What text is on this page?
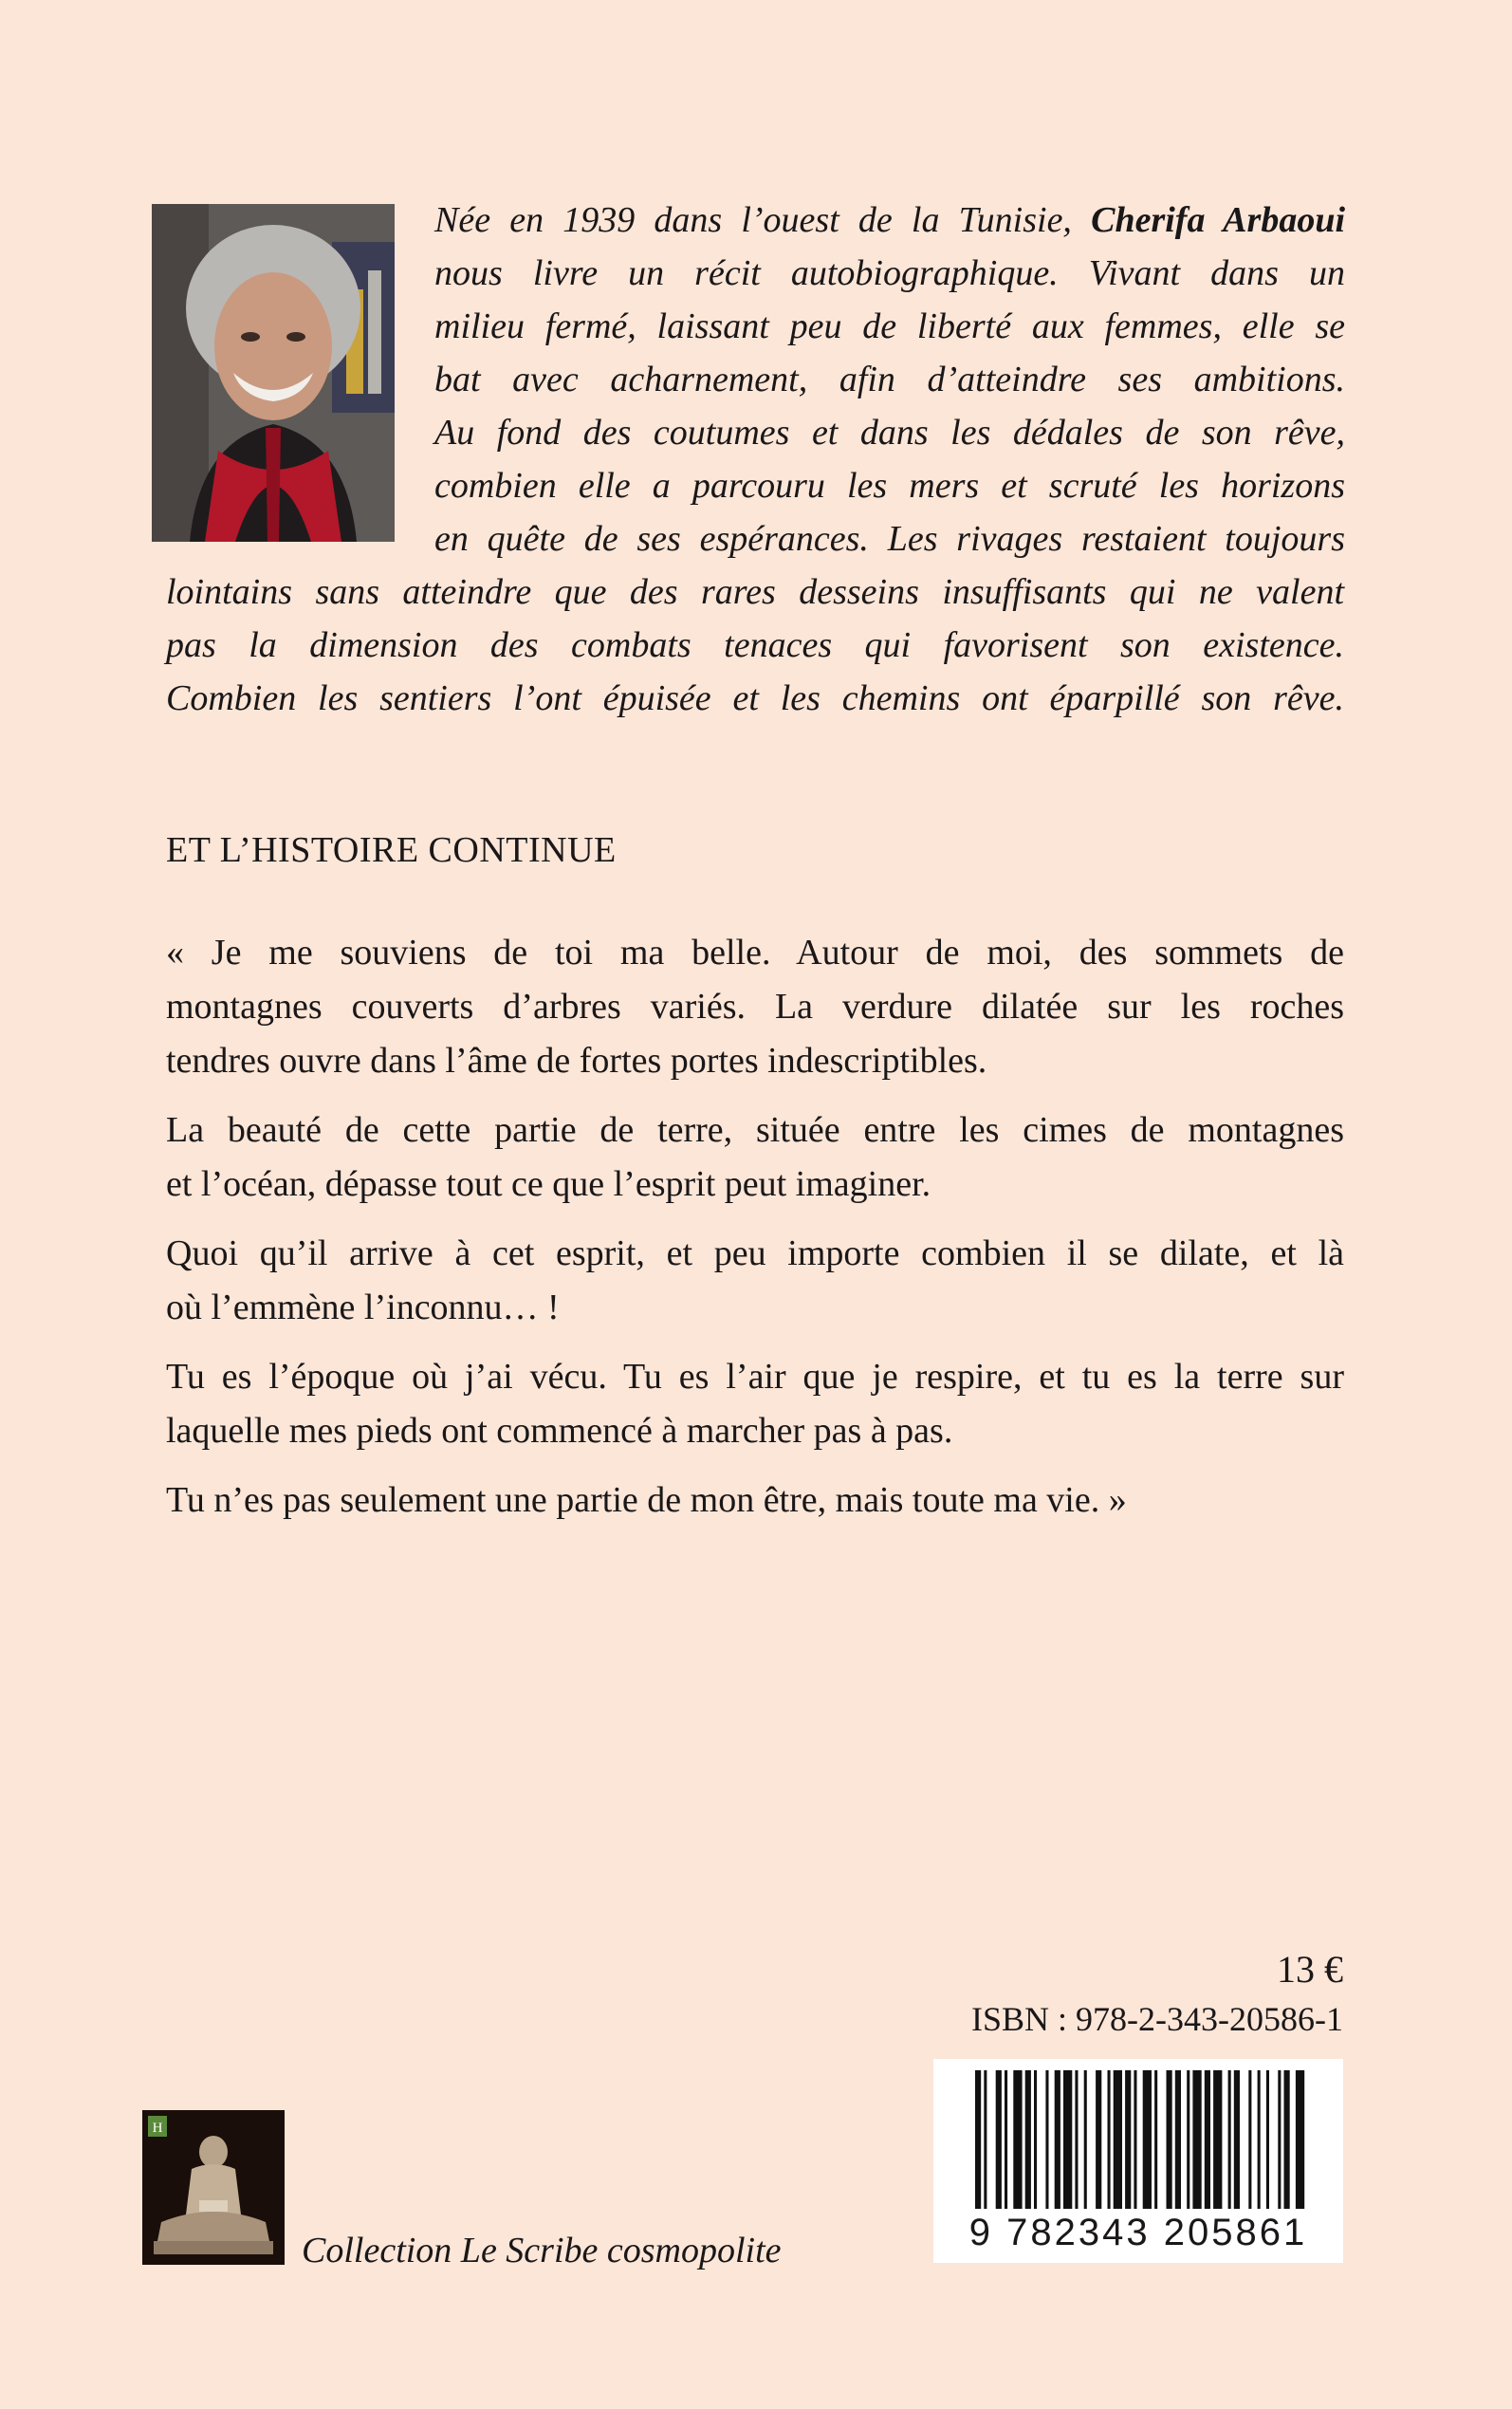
Née en 1939 dans l’ouest de la Tunisie, Cherifa Arbaoui
nous livre un récit autobiographique. Vivant dans un
milieu fermé, laissant peu de liberté aux femmes, elle se
bat avec acharnement, afin d’atteindre ses ambitions.
Au fond des coutumes et dans les dédales de son rêve,
combien elle a parcouru les mers et scruté les horizons
en quête de ses espérances. Les rivages restaient toujours
lointains sans atteindre que des rares desseins insuffisants qui ne valent
pas la dimension des combats tenaces qui favorisent son existence.
Combien les sentiers l’ont épuisée et les chemins ont éparpillé son rêve.
ET L’HISTOIRE CONTINUE

« Je me souviens de toi ma belle. Autour de moi, des sommets de
montagnes couverts d’arbres variés. La verdure dilatée sur les roches
tendres ouvre dans l’âme de fortes portes indescriptibles.

La beauté de cette partie de terre, située entre les cimes de montagnes
et l’océan, dépasse tout ce que l’esprit peut imaginer.

Quoi qu’il arrive à cet esprit, et peu importe combien il se dilate, et là
où l’emmène l’inconnu… !

Tu es l’époque où j’ai vécu. Tu es l’air que je respire, et tu es la terre sur
laquelle mes pieds ont commencé à marcher pas à pas.

Tu n’es pas seulement une partie de mon être, mais toute ma vie. »

13 €

ISBN : 978-2-343-20586-1

9 782343 205861
H

Collection Le Scribe cosmopolite
